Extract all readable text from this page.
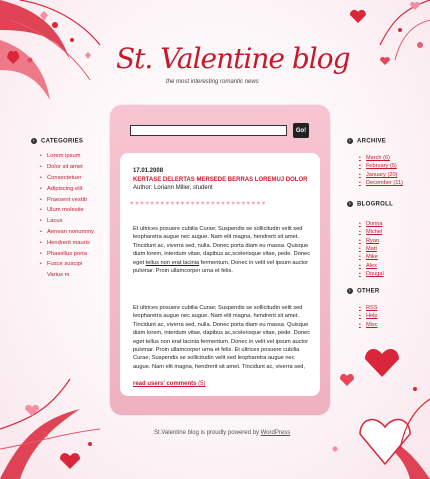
St. Valentine blog
the most interesting romantic news
› CATEGORIES
• Lorem ipsum
• Dolor sit amet
• Consectetuer
• Adipiscing elit
• Praesent vestib
• Ulum molestie
• Lacus
• Aenean nonummy
• Hendrerit mauris
• Phasellus porta
• Fusce suscipi
Varius m
Go!
17.01.2008
KERTASE DELERTAS MERSEDE BERRAS LOREMUJ DOLOR
Author: Loriann Miller, student
♥♥♥♥♥♥♥♥♥♥♥♥♥♥♥♥♥♥♥♥♥♥♥♥♥♥♥
Et ultrices posuere cubilia Curae; Suspendis se sollicitudin velit sed leopharetra augue nec augue. Nam elit magna, hendrerit sit amet. Tincidunt ac, viverra sed, nulla. Donec porta diam eu massa. Quisque diam lorem, interdum vitae, dapibus ac,scelerisque vitae, pede. Donec eget tellus non erat lacinia fermentum. Donec in velit vel ipsum auctor pulvinar. Proin ullamcorper urna et felis.
Et ultrices posuere cubilia Curae; Suspendis se sollicitudin velit sed leopharetra augue nec augue. Nam elit magna, hendrerit sit amet. Tincidunt ac, viverra sed, nulla. Donec porta diam eu massa. Quisque diam lorem, interdum vitae, dapibus ac,scelerisque vitae, pede. Donec eget tellus non erat lacinia fermentum. Donec in velit vel ipsum auctor pulvinar. Proin ullamcorper urna et felis. Et ultrices posuere cubilia Curae; Suspendis se sollicitudin velit sed leopharetra augue nec augue. Nam elit magna, hendrerit sit amet. Tincidunt ac, viverra sed,
read users' comments (5)
› ARCHIVE
• March
(6)
• February
(5)
• January
(20)
• December
(11)
› BLOGROLL
• Donna
• Michel
• Ryan
• Matt
• Mike
• Alex
• Dougal
› OTHER
• RSS
• Help
• Misc
St.Valentine blog is proudly powered by WordPress
